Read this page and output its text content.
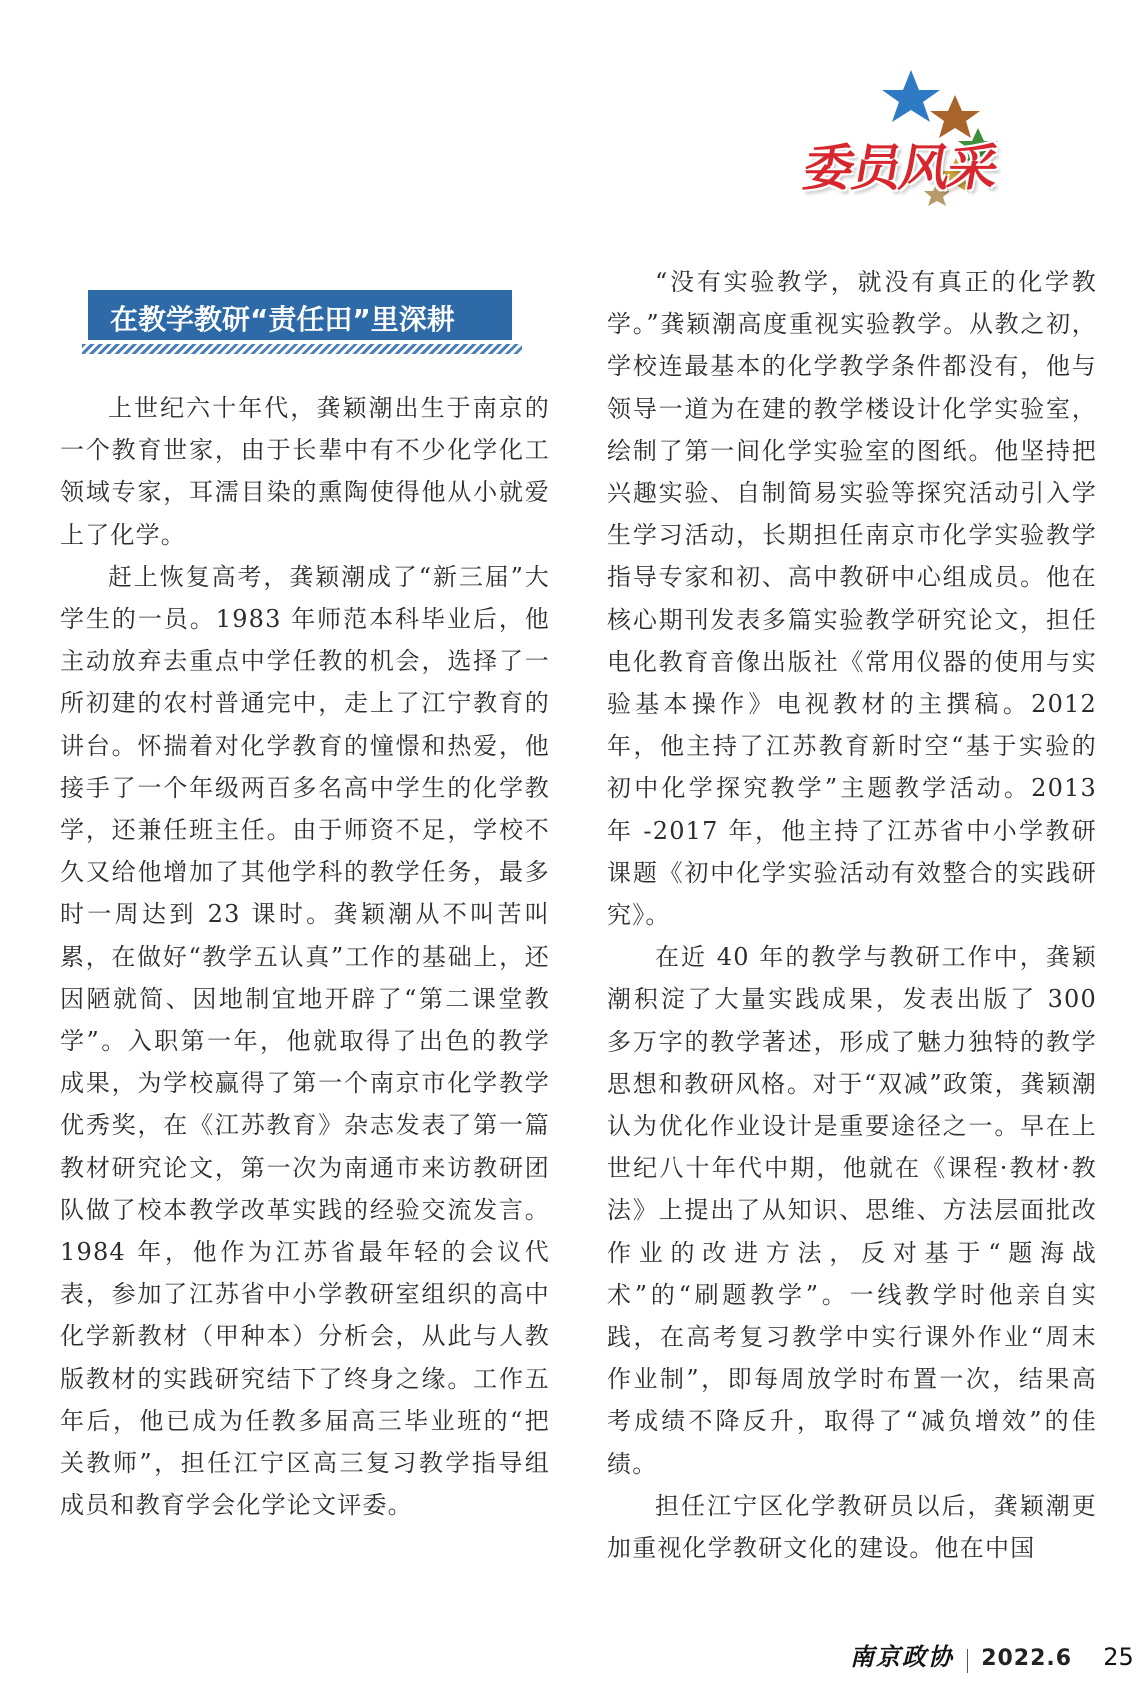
委员风采
在教学教研“责任田”里深耕

上世纪六十年代，龚颖潮出生于南京的一个教育世家，由于长辈中有不少化学化工领域专家，耳濡目染的熏陶使得他从小就爱上了化学。

赶上恢复高考，龚颖潮成了“新三届”大学生的一员。1983 年师范本科毕业后，他主动放弃去重点中学任教的机会，选择了一所初建的农村普通完中，走上了江宁教育的讲台。怀揣着对化学教育的憧憬和热爱，他接手了一个年级两百多名高中学生的化学教学，还兼任班主任。由于师资不足，学校不久又给他增加了其他学科的教学任务，最多时一周达到 23 课时。龚颖潮从不叫苦叫累，在做好“教学五认真”工作的基础上，还因陋就简、因地制宜地开辟了“第二课堂教学”。入职第一年，他就取得了出色的教学成果，为学校赢得了第一个南京市化学教学优秀奖，在《江苏教育》杂志发表了第一篇教材研究论文，第一次为南通市来访教研团队做了校本教学改革实践的经验交流发言。1984 年，他作为江苏省最年轻的会议代表，参加了江苏省中小学教研室组织的高中化学新教材（甲种本）分析会，从此与人教版教材的实践研究结下了终身之缘。工作五年后，他已成为任教多届高三毕业班的“把关教师”，担任江宁区高三复习教学指导组成员和教育学会化学论文评委。

“没有实验教学，就没有真正的化学教学。”龚颖潮高度重视实验教学。从教之初，学校连最基本的化学教学条件都没有，他与领导一道为在建的教学楼设计化学实验室，绘制了第一间化学实验室的图纸。他坚持把兴趣实验、自制简易实验等探究活动引入学生学习活动，长期担任南京市化学实验教学指导专家和初、高中教研中心组成员。他在核心期刊发表多篇实验教学研究论文，担任电化教育音像出版社《常用仪器的使用与实验基本操作》电视教材的主撰稿。2012 年，他主持了江苏教育新时空“基于实验的初中化学探究教学”主题教学活动。2013 年 -2017 年，他主持了江苏省中小学教研课题《初中化学实验活动有效整合的实践研究》。

在近 40 年的教学与教研工作中，龚颖潮积淀了大量实践成果，发表出版了 300 多万字的教学著述，形成了魅力独特的教学思想和教研风格。对于“双减”政策，龚颖潮认为优化作业设计是重要途径之一。早在上世纪八十年代中期，他就在《课程·教材·教法》上提出了从知识、思维、方法层面批改作业的改进方法，反对基于“题海战术”的“刷题教学”。一线教学时他亲自实践，在高考复习教学中实行课外作业“周末作业制”，即每周放学时布置一次，结果高考成绩不降反升，取得了“减负增效”的佳绩。

担任江宁区化学教研员以后，龚颖潮更加重视化学教研文化的建设。他在中国

南京政协 2022.6 25
